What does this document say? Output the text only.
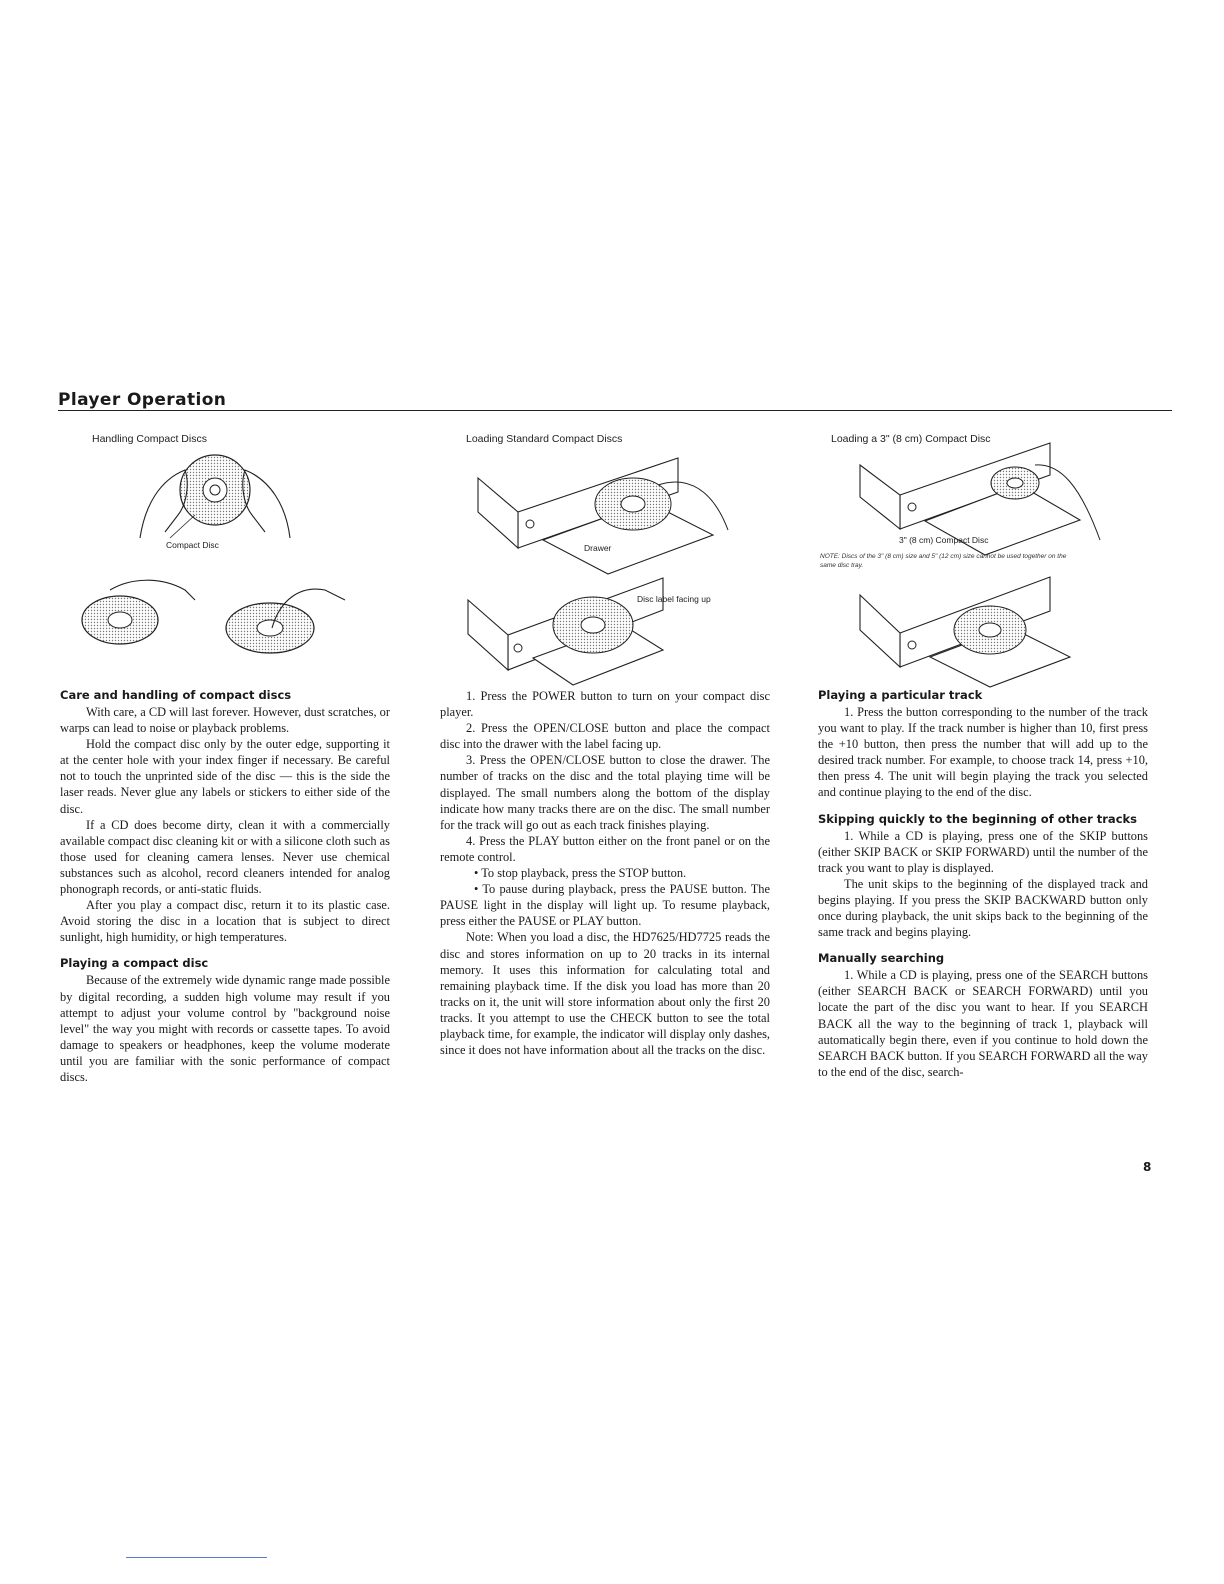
Player Operation
Handling Compact Discs
Compact Disc
Loading Standard Compact Discs
Drawer
Disc label facing up
Loading a 3" (8 cm) Compact Disc
3" (8 cm) Compact Disc
NOTE: Discs of the 3" (8 cm) size and 5" (12 cm) size cannot be used together on the same disc tray.
Care and handling of compact discs

With care, a CD will last forever. However, dust scratches, or warps can lead to noise or playback problems.

Hold the compact disc only by the outer edge, supporting it at the center hole with your index finger if necessary. Be careful not to touch the unprinted side of the disc — this is the side the laser reads. Never glue any labels or stickers to either side of the disc.

If a CD does become dirty, clean it with a commercially available compact disc cleaning kit or with a silicone cloth such as those used for cleaning camera lenses. Never use chemical substances such as alcohol, record cleaners intended for analog phonograph records, or anti-static fluids.

After you play a compact disc, return it to its plastic case. Avoid storing the disc in a location that is subject to direct sunlight, high humidity, or high temperatures.

Playing a compact disc

Because of the extremely wide dynamic range made possible by digital recording, a sudden high volume may result if you attempt to adjust your volume control by "background noise level" the way you might with records or cassette tapes. To avoid damage to speakers or headphones, keep the volume moderate until you are familiar with the sonic performance of compact discs.

1. Press the POWER button to turn on your compact disc player.

2. Press the OPEN/CLOSE button and place the compact disc into the drawer with the label facing up.

3. Press the OPEN/CLOSE button to close the drawer. The number of tracks on the disc and the total playing time will be displayed. The small numbers along the bottom of the display indicate how many tracks there are on the disc. The small number for the track will go out as each track finishes playing.

4. Press the PLAY button either on the front panel or on the remote control.

• To stop playback, press the STOP button.

• To pause during playback, press the PAUSE button. The PAUSE light in the display will light up. To resume playback, press either the PAUSE or PLAY button.

Note: When you load a disc, the HD7625/HD7725 reads the disc and stores information on up to 20 tracks in its internal memory. It uses this information for calculating total and remaining playback time. If the disk you load has more than 20 tracks on it, the unit will store information about only the first 20 tracks. It you attempt to use the CHECK button to see the total playback time, for example, the indicator will display only dashes, since it does not have information about all the tracks on the disc.

Playing a particular track

1. Press the button corresponding to the number of the track you want to play. If the track number is higher than 10, first press the +10 button, then press the number that will add up to the desired track number. For example, to choose track 14, press +10, then press 4. The unit will begin playing the track you selected and continue playing to the end of the disc.

Skipping quickly to the beginning of other tracks

1. While a CD is playing, press one of the SKIP buttons (either SKIP BACK or SKIP FORWARD) until the number of the track you want to play is displayed.

The unit skips to the beginning of the displayed track and begins playing. If you press the SKIP BACKWARD button only once during playback, the unit skips back to the beginning of the same track and begins playing.

Manually searching

1. While a CD is playing, press one of the SEARCH buttons (either SEARCH BACK or SEARCH FORWARD) until you locate the part of the disc you want to hear. If you SEARCH BACK all the way to the beginning of track 1, playback will automatically begin there, even if you continue to hold down the SEARCH BACK button. If you SEARCH FORWARD all the way to the end of the disc, search-

8
